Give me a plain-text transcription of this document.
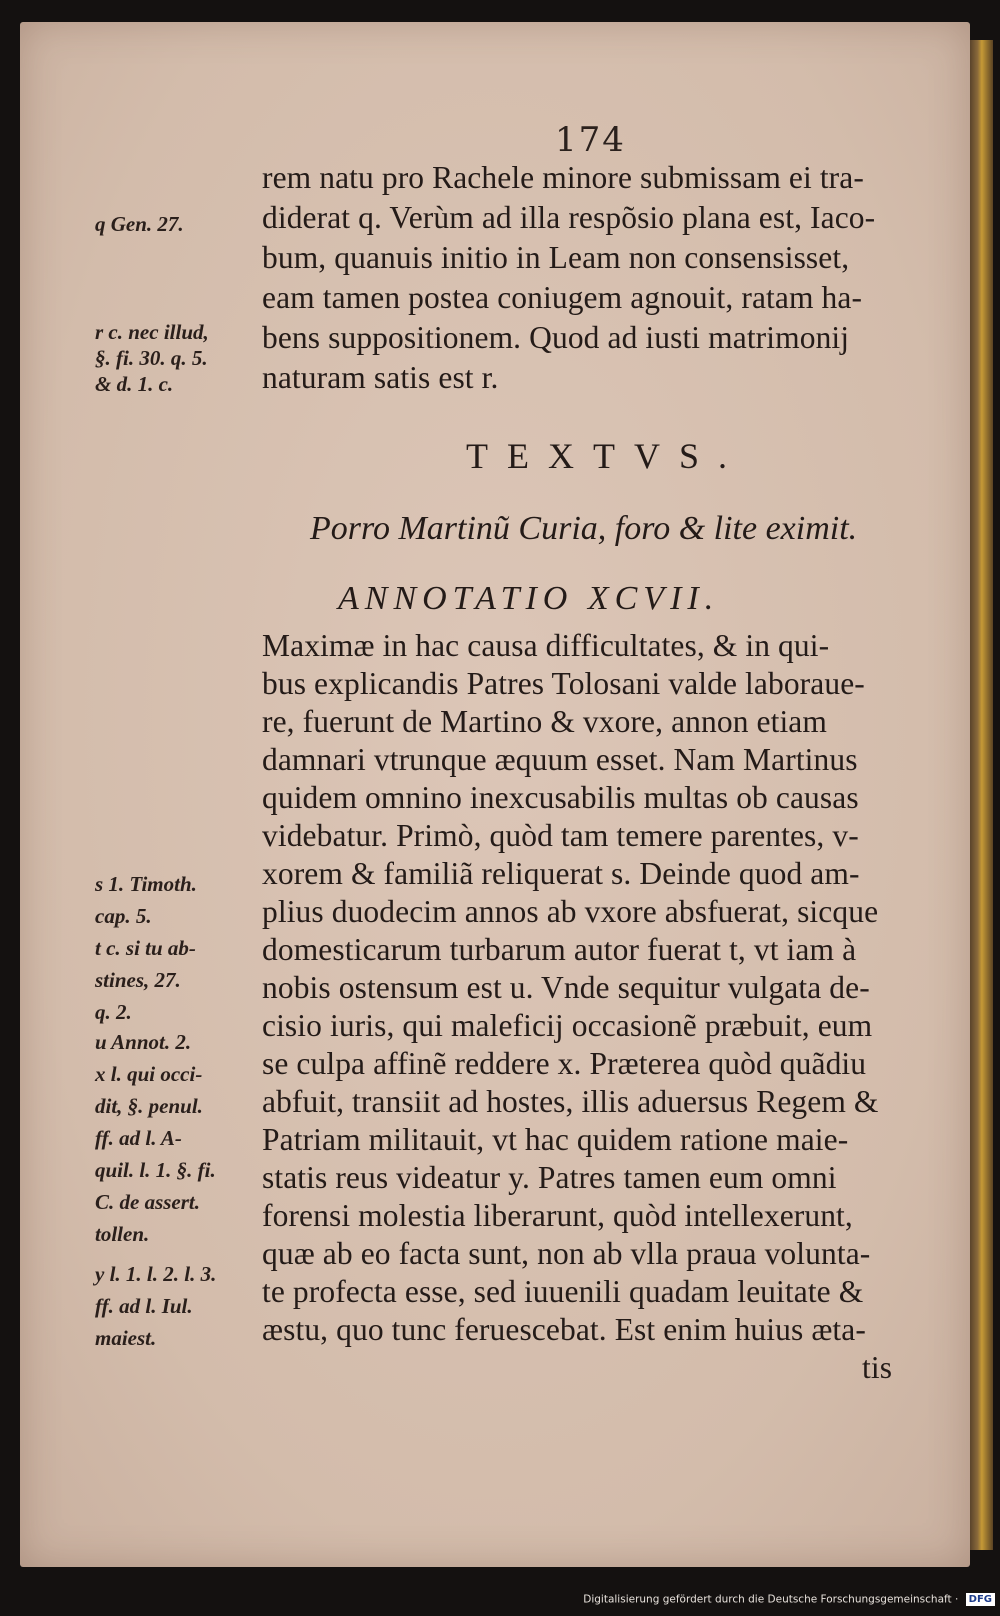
174

rem natu pro Rachele minore submissam ei tra-

diderat q. Verùm ad illa respõsio plana est, Iaco-

bum, quanuis initio in Leam non consensisset,

eam tamen postea coniugem agnouit, ratam ha-

bens suppositionem. Quod ad iusti matrimonij

naturam satis est r.

TEXTVS.
Porro Martinũ Curia, foro & lite eximit.
ANNOTATIO XCVII.

Maximæ in hac causa difficultates, & in qui-

bus explicandis Patres Tolosani valde laboraue-

re, fuerunt de Martino & vxore, annon etiam

damnari vtrunque æquum esset. Nam Martinus

quidem omnino inexcusabilis multas ob causas

videbatur. Primò, quòd tam temere parentes, v-

xorem & familiã reliquerat s. Deinde quod am-

plius duodecim annos ab vxore absfuerat, sicque

domesticarum turbarum autor fuerat t, vt iam à

nobis ostensum est u. Vnde sequitur vulgata de-

cisio iuris, qui maleficij occasionẽ præbuit, eum

se culpa affinẽ reddere x. Præterea quòd quãdiu

abfuit, transiit ad hostes, illis aduersus Regem &

Patriam militauit, vt hac quidem ratione maie-

statis reus videatur y. Patres tamen eum omni

forensi molestia liberarunt, quòd intellexerunt,

quæ ab eo facta sunt, non ab vlla praua volunta-

te profecta esse, sed iuuenili quadam leuitate &

æstu, quo tunc feruescebat. Est enim huius æta-

tis

q Gen. 27.

r c. nec illud,

§. fi. 30. q. 5.

& d. 1. c.

s 1. Timoth.

cap. 5.

t c. si tu ab-

stines, 27.

q. 2.

u Annot. 2.

x l. qui occi-

dit, §. penul.

ff. ad l. A-

quil. l. 1. §. fi.

C. de assert.

tollen.

y l. 1. l. 2. l. 3.

ff. ad l. Iul.

maiest.

Digitalisierung gefördert durch die Deutsche Forschungsgemeinschaft · DFG
